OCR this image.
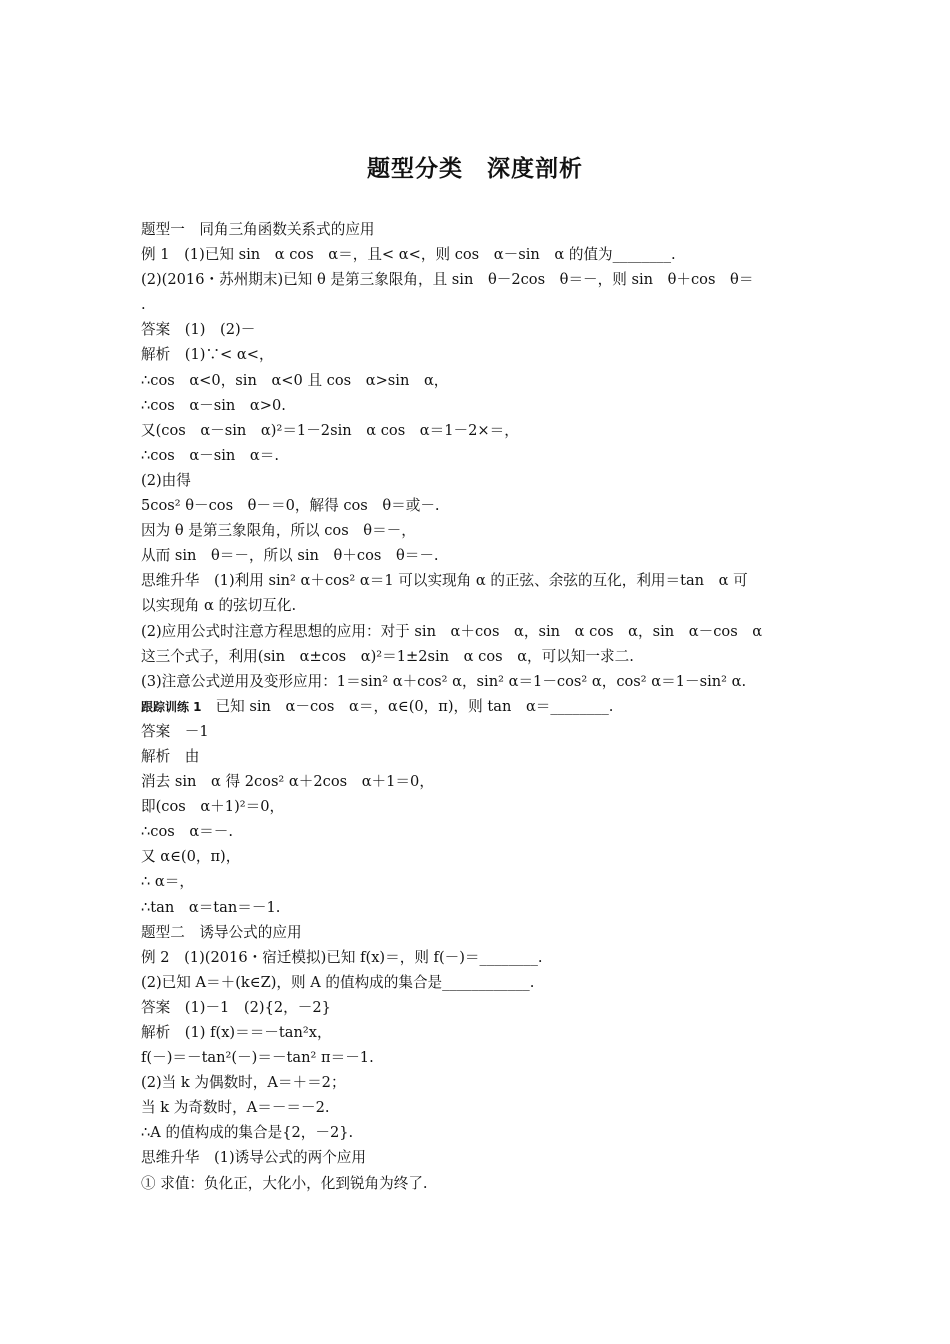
题型分类　深度剖析
题型一　同角三角函数关系式的应用
例 1　(1)已知 sin　α cos　α＝，且< α<，则 cos　α－sin　α 的值为________.
(2)(2016・苏州期末)已知 θ 是第三象限角，且 sin　θ－2cos　θ＝－，则 sin　θ＋cos　θ＝
.
答案　(1)　(2)－
解析　(1)∵< α<，
∴cos　α<0，sin　α<0 且 cos　α>sin　α，
∴cos　α－sin　α>0.
又(cos　α－sin　α)²＝1－2sin　α cos　α＝1－2×＝，
∴cos　α－sin　α＝.
(2)由得
5cos² θ－cos　θ－＝0，解得 cos　θ＝或－.
因为 θ 是第三象限角，所以 cos　θ＝－，
从而 sin　θ＝－，所以 sin　θ＋cos　θ＝－.
思维升华　(1)利用 sin² α＋cos² α＝1 可以实现角 α 的正弦、余弦的互化，利用＝tan　α 可
以实现角 α 的弦切互化.
(2)应用公式时注意方程思想的应用：对于 sin　α＋cos　α，sin　α cos　α，sin　α－cos　α
这三个式子，利用(sin　α±cos　α)²＝1±2sin　α cos　α，可以知一求二.
(3)注意公式逆用及变形应用：1＝sin² α＋cos² α，sin² α＝1－cos² α，cos² α＝1－sin² α.
跟踪训练 1 已知 sin　α－cos　α＝，α∈(0，π)，则 tan　α＝________.
答案　－1
解析　由
消去 sin　α 得 2cos² α＋2cos　α＋1＝0，
即(cos　α＋1)²＝0，
∴cos　α＝－.
又 α∈(0，π)，
∴ α＝，
∴tan　α＝tan＝－1.
题型二　诱导公式的应用
例 2　(1)(2016・宿迁模拟)已知 f(x)＝，则 f(－)＝________.
(2)已知 A＝＋(k∈Z)，则 A 的值构成的集合是____________.
答案　(1)－1　(2){2，－2}
解析　(1) f(x)＝＝－tan²x，
f(－)＝－tan²(－)＝－tan² π＝－1.
(2)当 k 为偶数时，A＝＋＝2；
当 k 为奇数时，A＝－＝－2.
∴A 的值构成的集合是{2，－2}.
思维升华　(1)诱导公式的两个应用
① 求值：负化正，大化小，化到锐角为终了.
